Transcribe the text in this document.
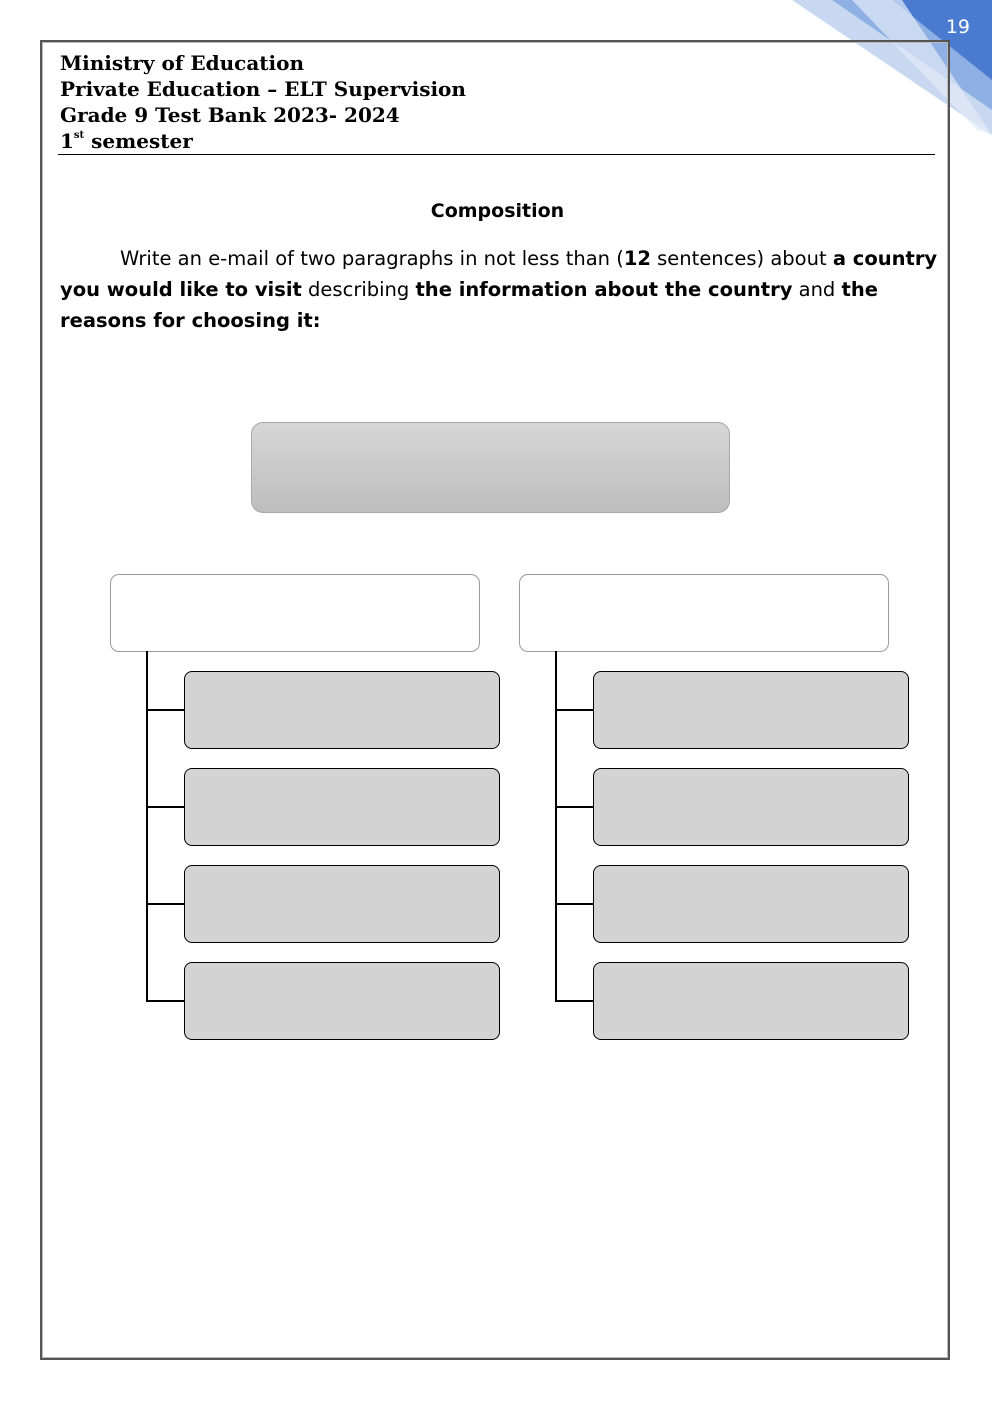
19
Ministry of Education
Private Education – ELT Supervision
Grade 9 Test Bank 2023- 2024
1st semester
Composition
Write an e-mail of two paragraphs in not less than (12 sentences) about a country you would like to visit describing the information about the country and the reasons for choosing it:
